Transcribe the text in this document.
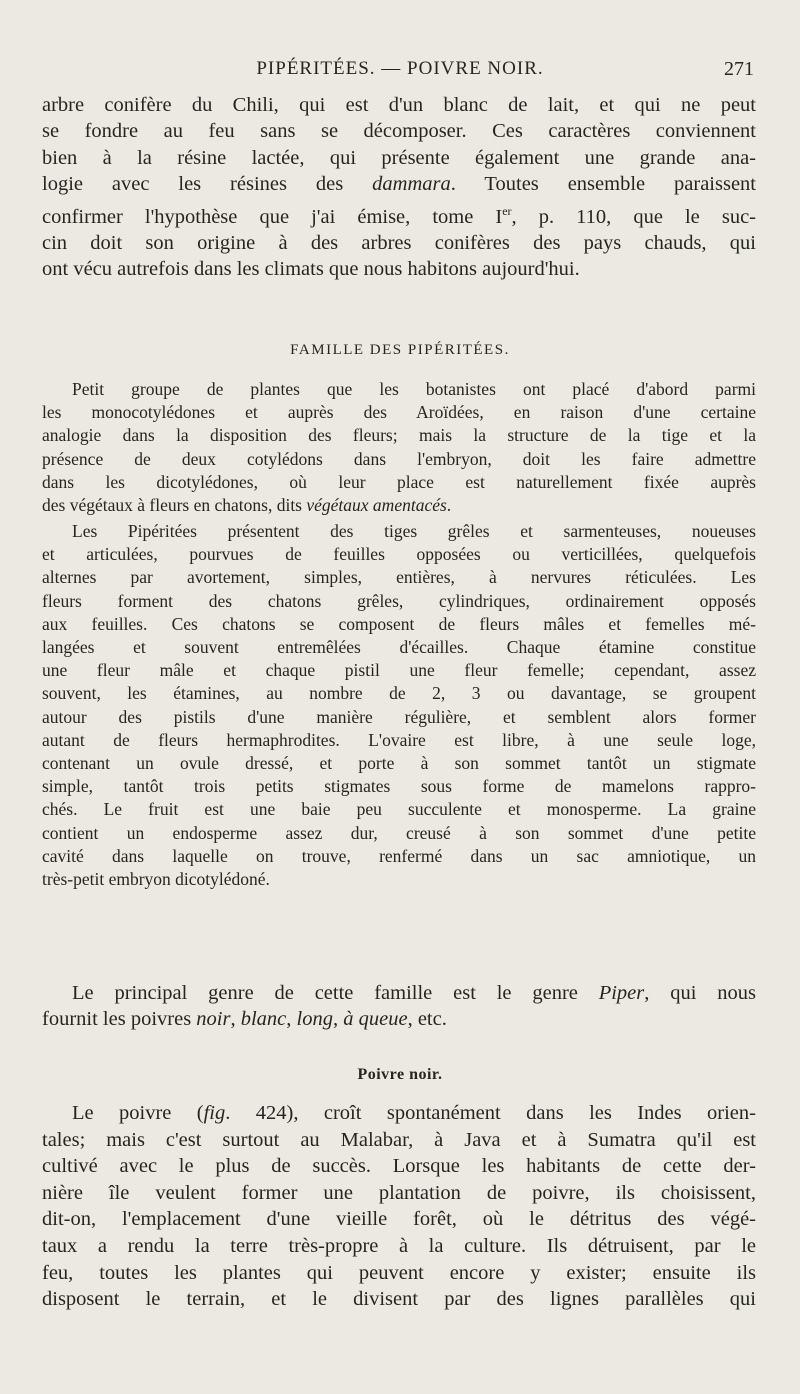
PIPÉRITÉES. — POIVRE NOIR.	271
arbre conifère du Chili, qui est d'un blanc de lait, et qui ne peut
se fondre au feu sans se décomposer. Ces caractères conviennent
bien à la résine lactée, qui présente également une grande ana-
logie avec les résines des dammara. Toutes ensemble paraissent
confirmer l'hypothèse que j'ai émise, tome Ier, p. 110, que le suc-
cin doit son origine à des arbres conifères des pays chauds, qui
ont vécu autrefois dans les climats que nous habitons aujourd'hui.
FAMILLE DES PIPÉRITÉES.
Petit groupe de plantes que les botanistes ont placé d'abord parmi
les monocotylédones et auprès des Aroïdées, en raison d'une certaine
analogie dans la disposition des fleurs; mais la structure de la tige et la
présence de deux cotylédons dans l'embryon, doit les faire admettre
dans les dicotylédones, où leur place est naturellement fixée auprès
des végétaux à fleurs en chatons, dits végétaux amentacés.
Les Pipéritées présentent des tiges grêles et sarmenteuses, noueuses
et articulées, pourvues de feuilles opposées ou verticillées, quelquefois
alternes par avortement, simples, entières, à nervures réticulées. Les
fleurs forment des chatons grêles, cylindriques, ordinairement opposés
aux feuilles. Ces chatons se composent de fleurs mâles et femelles mé-
langées et souvent entremêlées d'écailles. Chaque étamine constitue
une fleur mâle et chaque pistil une fleur femelle; cependant, assez
souvent, les étamines, au nombre de 2, 3 ou davantage, se groupent
autour des pistils d'une manière régulière, et semblent alors former
autant de fleurs hermaphrodites. L'ovaire est libre, à une seule loge,
contenant un ovule dressé, et porte à son sommet tantôt un stigmate
simple, tantôt trois petits stigmates sous forme de mamelons rappro-
chés. Le fruit est une baie peu succulente et monosperme. La graine
contient un endosperme assez dur, creusé à son sommet d'une petite
cavité dans laquelle on trouve, renfermé dans un sac amniotique, un
très-petit embryon dicotylédoné.
Le principal genre de cette famille est le genre Piper, qui nous
fournit les poivres noir, blanc, long, à queue, etc.
Poivre noir.
Le poivre (fig. 424), croît spontanément dans les Indes orien-
tales; mais c'est surtout au Malabar, à Java et à Sumatra qu'il est
cultivé avec le plus de succès. Lorsque les habitants de cette der-
nière île veulent former une plantation de poivre, ils choisissent,
dit-on, l'emplacement d'une vieille forêt, où le détritus des végé-
taux a rendu la terre très-propre à la culture. Ils détruisent, par le
feu, toutes les plantes qui peuvent encore y exister; ensuite ils
disposent le terrain, et le divisent par des lignes parallèles qui
